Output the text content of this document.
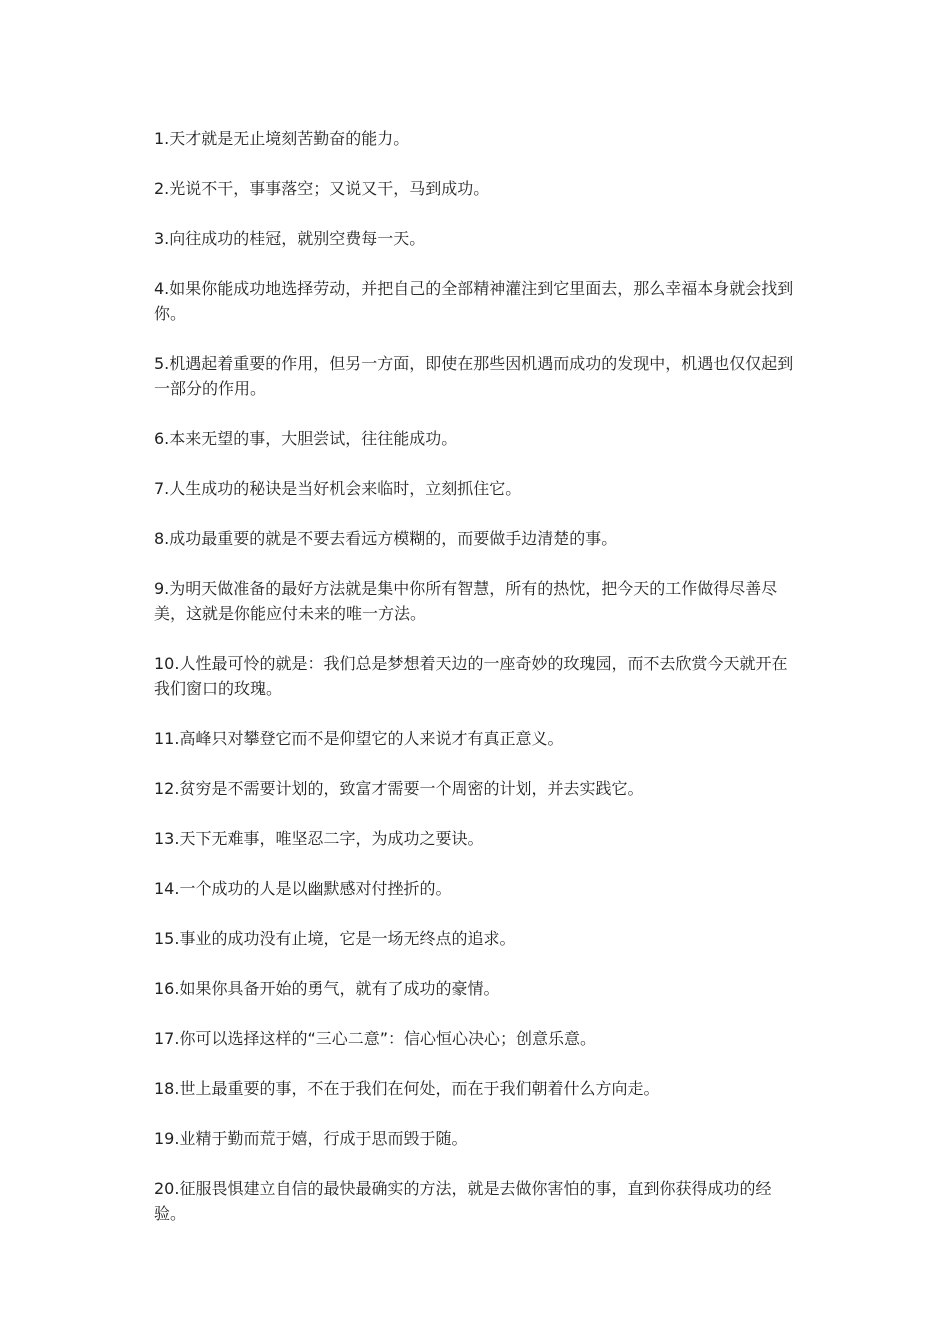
1.天才就是无止境刻苦勤奋的能力。
2.光说不干，事事落空；又说又干，马到成功。
3.向往成功的桂冠，就别空费每一天。
4.如果你能成功地选择劳动，并把自己的全部精神灌注到它里面去，那么幸福本身就会找到你。
5.机遇起着重要的作用，但另一方面，即使在那些因机遇而成功的发现中，机遇也仅仅起到一部分的作用。
6.本来无望的事，大胆尝试，往往能成功。
7.人生成功的秘诀是当好机会来临时，立刻抓住它。
8.成功最重要的就是不要去看远方模糊的，而要做手边清楚的事。
9.为明天做准备的最好方法就是集中你所有智慧，所有的热忱，把今天的工作做得尽善尽美，这就是你能应付未来的唯一方法。
10.人性最可怜的就是：我们总是梦想着天边的一座奇妙的玫瑰园，而不去欣赏今天就开在我们窗口的玫瑰。
11.高峰只对攀登它而不是仰望它的人来说才有真正意义。
12.贫穷是不需要计划的，致富才需要一个周密的计划，并去实践它。
13.天下无难事，唯坚忍二字，为成功之要诀。
14.一个成功的人是以幽默感对付挫折的。
15.事业的成功没有止境，它是一场无终点的追求。
16.如果你具备开始的勇气，就有了成功的豪情。
17.你可以选择这样的“三心二意”：信心恒心决心；创意乐意。
18.世上最重要的事，不在于我们在何处，而在于我们朝着什么方向走。
19.业精于勤而荒于嬉，行成于思而毁于随。
20.征服畏惧建立自信的最快最确实的方法，就是去做你害怕的事，直到你获得成功的经验。
